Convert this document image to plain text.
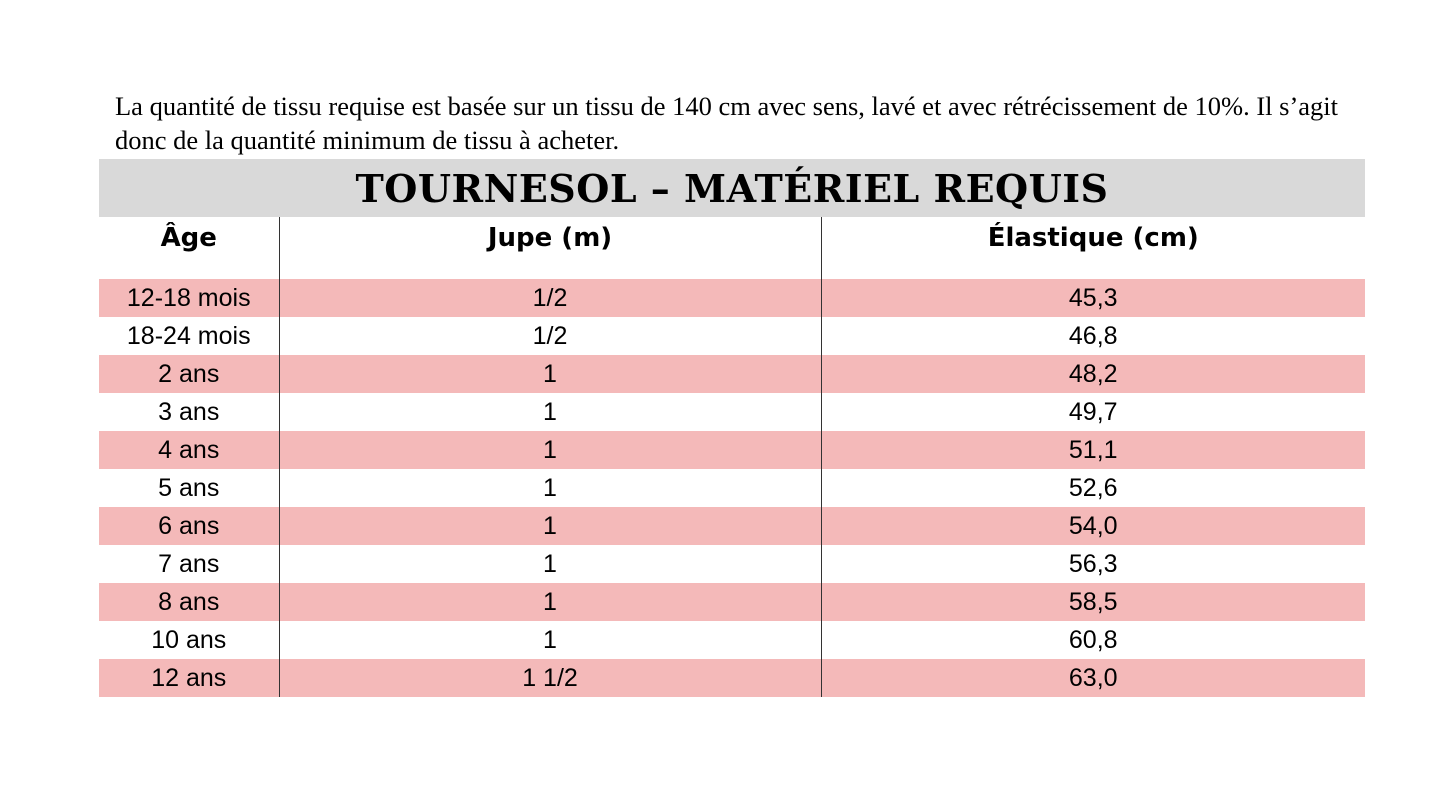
La quantité de tissu requise est basée sur un tissu de 140 cm avec sens, lavé et avec rétrécissement de 10%. Il s’agit donc de la quantité minimum de tissu à acheter.

TOURNESOL – MATÉRIEL REQUIS
Âge	Jupe (m)	Élastique (cm)
12-18 mois	1/2	45,3
18-24 mois	1/2	46,8
2 ans	1	48,2
3 ans	1	49,7
4 ans	1	51,1
5 ans	1	52,6
6 ans	1	54,0
7 ans	1	56,3
8 ans	1	58,5
10 ans	1	60,8
12 ans	1 1/2	63,0
